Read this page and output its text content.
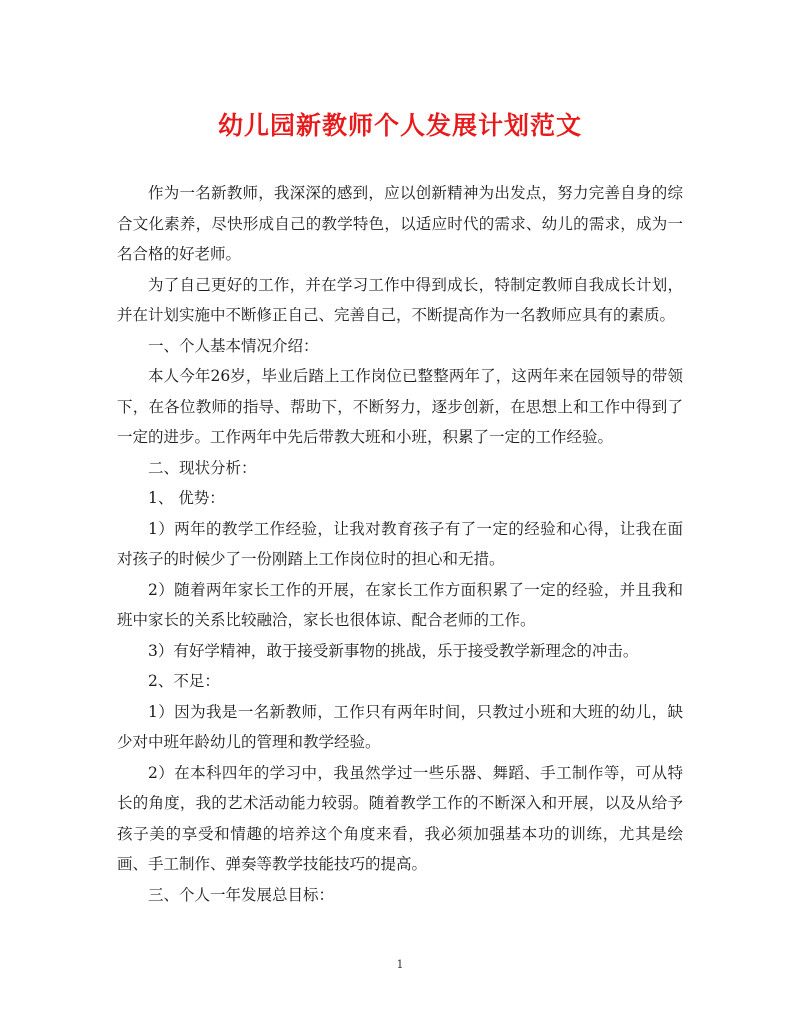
幼儿园新教师个人发展计划范文

作为一名新教师，我深深的感到，应以创新精神为出发点，努力完善自身的综合文化素养，尽快形成自己的教学特色，以适应时代的需求、幼儿的需求，成为一名合格的好老师。

为了自己更好的工作，并在学习工作中得到成长，特制定教师自我成长计划，并在计划实施中不断修正自己、完善自己，不断提高作为一名教师应具有的素质。

一、个人基本情况介绍：

本人今年26岁，毕业后踏上工作岗位已整整两年了，这两年来在园领导的带领下，在各位教师的指导、帮助下，不断努力，逐步创新，在思想上和工作中得到了一定的进步。工作两年中先后带教大班和小班，积累了一定的工作经验。

二、现状分析：

1、 优势：

1）两年的教学工作经验，让我对教育孩子有了一定的经验和心得，让我在面对孩子的时候少了一份刚踏上工作岗位时的担心和无措。

2）随着两年家长工作的开展，在家长工作方面积累了一定的经验，并且我和班中家长的关系比较融洽，家长也很体谅、配合老师的工作。

3）有好学精神，敢于接受新事物的挑战，乐于接受教学新理念的冲击。

2、不足：

1）因为我是一名新教师，工作只有两年时间，只教过小班和大班的幼儿，缺少对中班年龄幼儿的管理和教学经验。

2）在本科四年的学习中，我虽然学过一些乐器、舞蹈、手工制作等，可从特长的角度，我的艺术活动能力较弱。随着教学工作的不断深入和开展，以及从给予孩子美的享受和情趣的培养这个角度来看，我必须加强基本功的训练，尤其是绘画、手工制作、弹奏等教学技能技巧的提高。

三、个人一年发展总目标：

1
